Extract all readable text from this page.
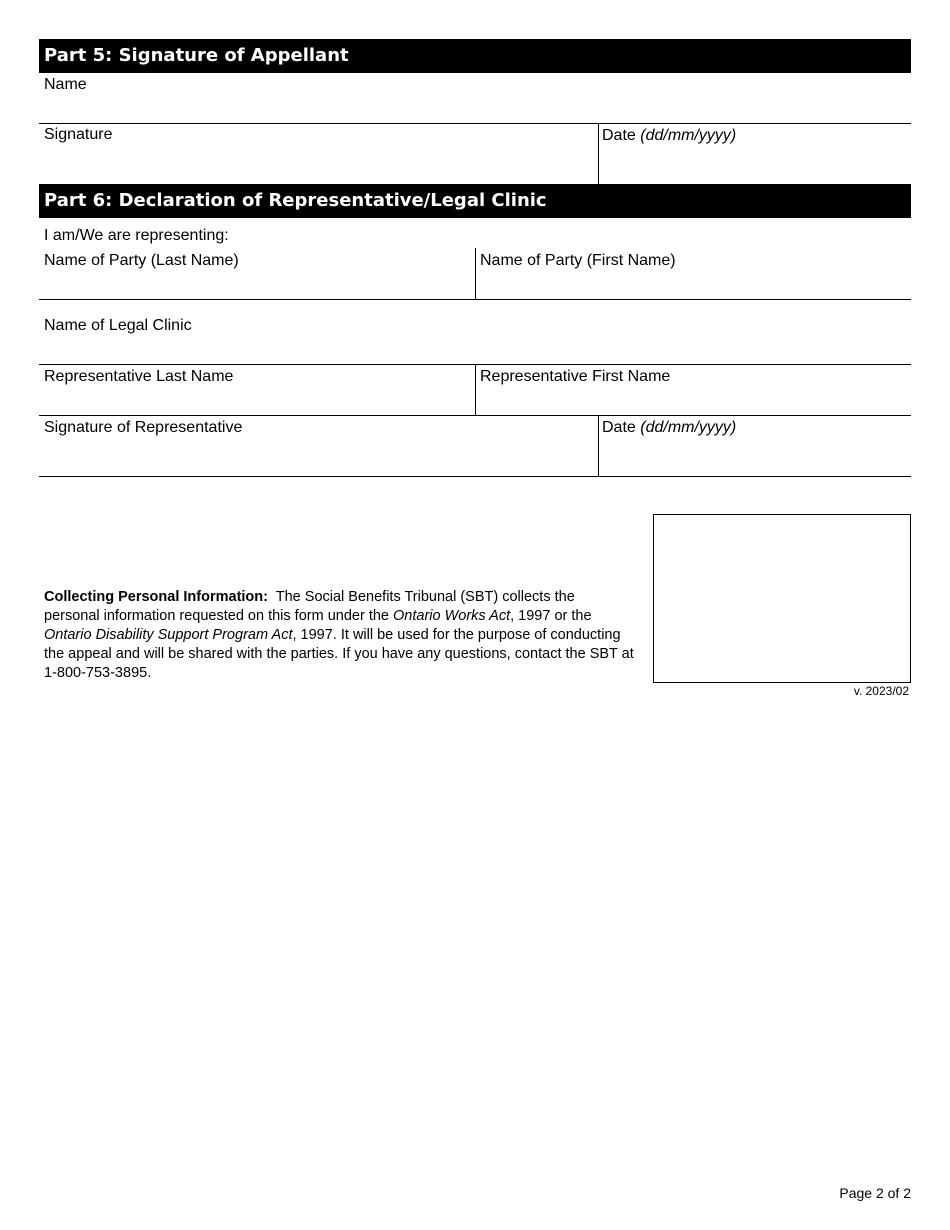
Part 5: Signature of Appellant
Name
Signature	Date (dd/mm/yyyy)
Part 6: Declaration of Representative/Legal Clinic
I am/We are representing:
Name of Party (Last Name)	Name of Party (First Name)
Name of Legal Clinic
Representative Last Name	Representative First Name
Signature of Representative	Date (dd/mm/yyyy)
Collecting Personal Information: The Social Benefits Tribunal (SBT) collects the personal information requested on this form under the Ontario Works Act, 1997 or the Ontario Disability Support Program Act, 1997. It will be used for the purpose of conducting the appeal and will be shared with the parties. If you have any questions, contact the SBT at 1-800-753-3895.
v. 2023/02
Page 2 of 2
